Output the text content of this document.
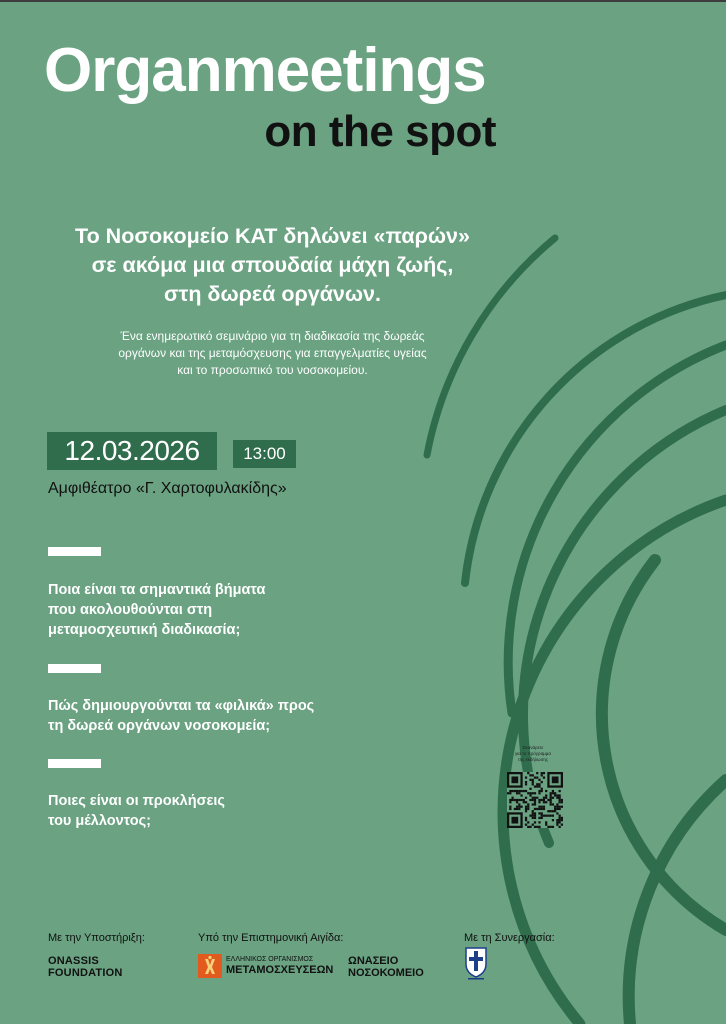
Organmeetings
on the spot
Το Νοσοκομείο ΚΑΤ δηλώνει «παρών»
σε ακόμα μια σπουδαία μάχη ζωής,
στη δωρεά οργάνων.
Ένα ενημερωτικό σεμινάριο για τη διαδικασία της δωρεάς
οργάνων και της μεταμόσχευσης για επαγγελματίες υγείας
και το προσωπικό του νοσοκομείου.
12.03.2026	13:00
Αμφιθέατρο «Γ. Χαρτοφυλακίδης»
Ποια είναι τα σημαντικά βήματα
που ακολουθούνται στη
μεταμοσχευτική διαδικασία;
Πώς δημιουργούνται τα «φιλικά» προς
τη δωρεά οργάνων νοσοκομεία;
Ποιες είναι οι προκλήσεις
του μέλλοντος;
Σκανάρετε
για το πρόγραμμα
της εκδήλωσης
Με την Υποστήριξη:	Υπό την Επιστημονική Αιγίδα:	Με τη Συνεργασία:
ONASSIS
FOUNDATION
ΕΛΛΗΝΙΚΟΣ ΟΡΓΑΝΙΣΜΟΣ
ΜΕΤΑΜΟΣΧΕΥΣΕΩΝ
ΩΝΑΣΕΙΟ
ΝΟΣΟΚΟΜΕΙΟ
